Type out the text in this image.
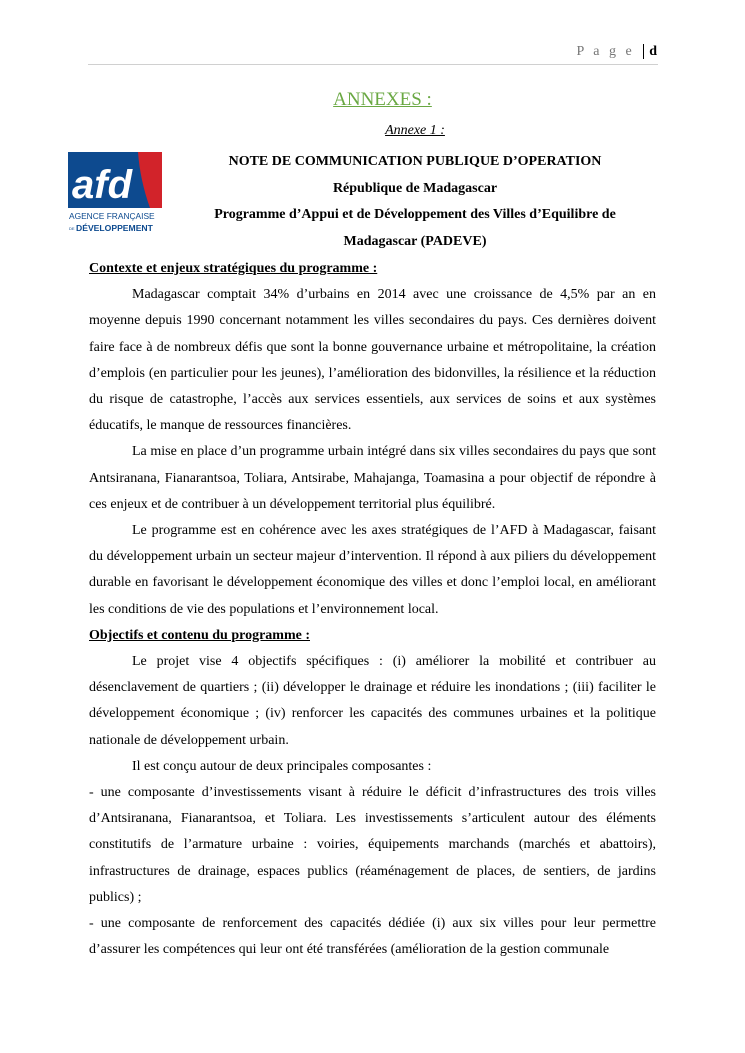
P a g e d
ANNEXES :
Annexe 1 :
afd
AGENCE FRANÇAISE
DE DÉVELOPPEMENT
NOTE DE COMMUNICATION PUBLIQUE D’OPERATION
République de Madagascar
Programme d’Appui et de Développement des Villes d’Equilibre de Madagascar (PADEVE)
Contexte et enjeux stratégiques du programme :

Madagascar comptait 34% d’urbains en 2014 avec une croissance de 4,5% par an en moyenne depuis 1990 concernant notamment les villes secondaires du pays. Ces dernières doivent faire face à de nombreux défis que sont la bonne gouvernance urbaine et métropolitaine, la création d’emplois (en particulier pour les jeunes), l’amélioration des bidonvilles, la résilience et la réduction du risque de catastrophe, l’accès aux services essentiels, aux services de soins et aux systèmes éducatifs, le manque de ressources financières.

La mise en place d’un programme urbain intégré dans six villes secondaires du pays que sont Antsiranana, Fianarantsoa, Toliara, Antsirabe, Mahajanga, Toamasina a pour objectif de répondre à ces enjeux et de contribuer à un développement territorial plus équilibré.

Le programme est en cohérence avec les axes stratégiques de l’AFD à Madagascar, faisant du développement urbain un secteur majeur d’intervention. Il répond à aux piliers du développement durable en favorisant le développement économique des villes et donc l’emploi local, en améliorant les conditions de vie des populations et l’environnement local.

Objectifs et contenu du programme :

Le projet vise 4 objectifs spécifiques : (i) améliorer la mobilité et contribuer au désenclavement de quartiers ; (ii) développer le drainage et réduire les inondations ; (iii) faciliter le développement économique ; (iv) renforcer les capacités des communes urbaines et la politique nationale de développement urbain.

Il est conçu autour de deux principales composantes :

- une composante d’investissements visant à réduire le déficit d’infrastructures des trois villes d’Antsiranana, Fianarantsoa, et Toliara. Les investissements s’articulent autour des éléments constitutifs de l’armature urbaine : voiries, équipements marchands (marchés et abattoirs), infrastructures de drainage, espaces publics (réaménagement de places, de sentiers, de jardins publics) ;

- une composante de renforcement des capacités dédiée (i) aux six villes pour leur permettre d’assurer les compétences qui leur ont été transférées (amélioration de la gestion communale
